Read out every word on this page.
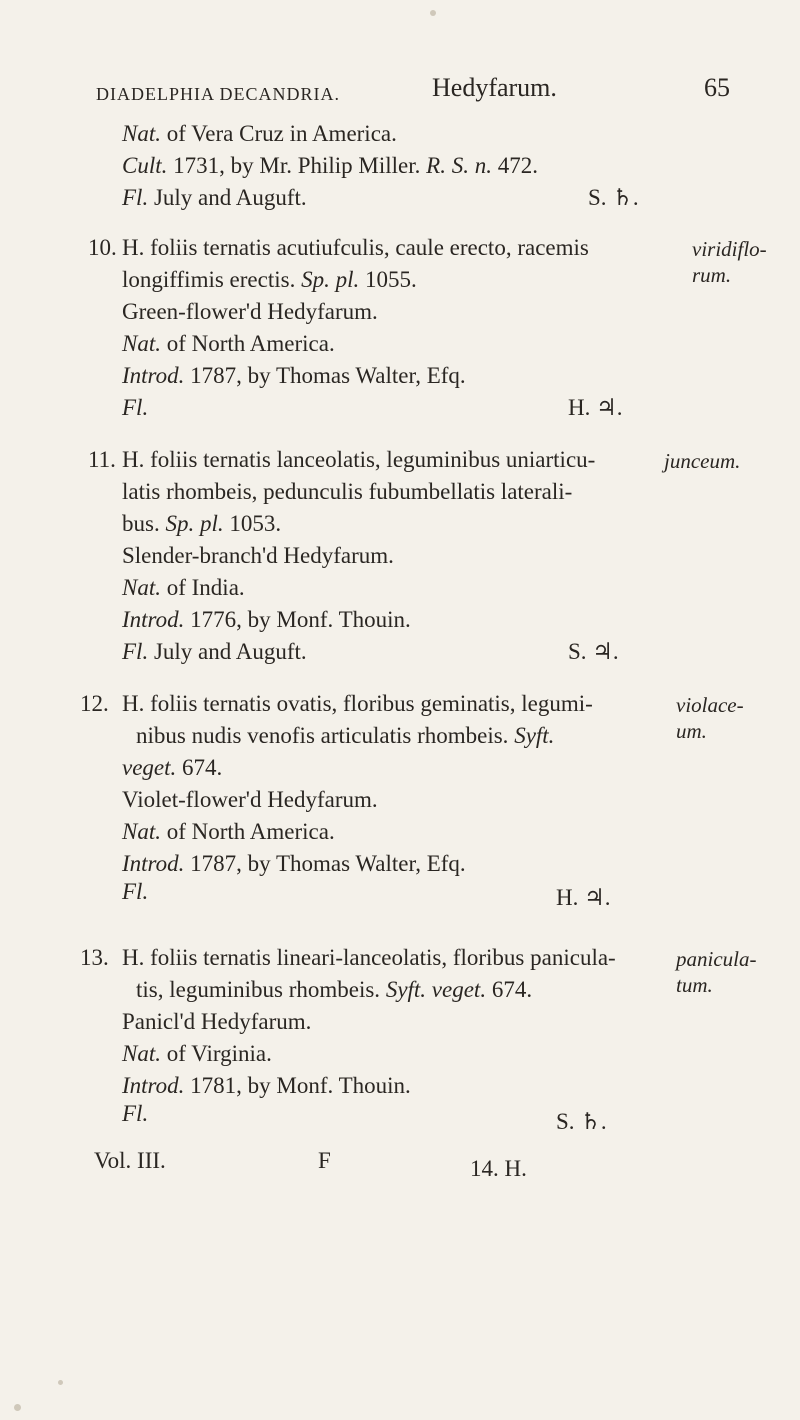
DIADELPHIA DECANDRIA.	Hedyfarum.	65
Nat. of Vera Cruz in America.
Cult. 1731, by Mr. Philip Miller. R. S. n. 472.
Fl. July and Auguft.	S. ♄.
10. H. foliis ternatis acutiufculis, caule erecto, racemis
longiffimis erectis. Sp. pl. 1055.
Green-flower'd Hedyfarum.
Nat. of North America.
Introd. 1787, by Thomas Walter, Efq.
Fl.	H. ♃.
viridiflo-
rum.
11. H. foliis ternatis lanceolatis, leguminibus uniarticu-
latis rhombeis, pedunculis fubumbellatis laterali-
bus. Sp. pl. 1053.
Slender-branch'd Hedyfarum.
Nat. of India.
Introd. 1776, by Monf. Thouin.
Fl. July and Auguft.	S. ♃.
junceum.
12. H. foliis ternatis ovatis, floribus geminatis, legumi-
nibus nudis venofis articulatis rhombeis. Syft.
veget. 674.
Violet-flower'd Hedyfarum.
Nat. of North America.
Introd. 1787, by Thomas Walter, Efq.
Fl.	H. ♃.
violace-
um.
13. H. foliis ternatis lineari-lanceolatis, floribus panicula-
tis, leguminibus rhombeis. Syft. veget. 674.
Panicl'd Hedyfarum.
Nat. of Virginia.
Introd. 1781, by Monf. Thouin.
Fl.	S. ♄.
panicula-
tum.
Vol. III.	F	14. H.
